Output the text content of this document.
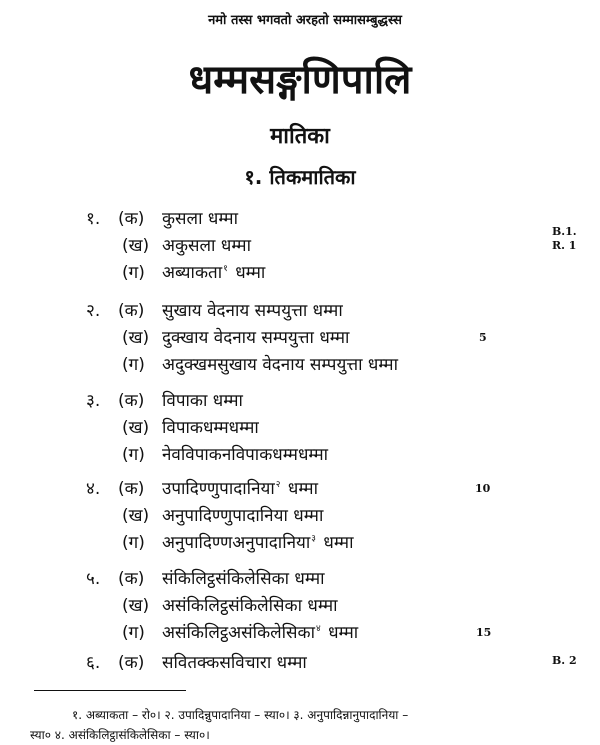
नमो तस्स भगवतो अरहतो सम्मासम्बुद्धस्स
धम्मसङ्गणिपालि
मातिका
१. तिकमातिका
१.	(क)	कुसला धम्मा
(ख) अकुसला धम्मा
(ग)	अब्याकता$^१$ धम्मा
२.	(क)	सुखाय वेदनाय सम्पयुत्ता धम्मा
(ख) दुक्खाय वेदनाय सम्पयुत्ता धम्मा
(ग)	अदुक्खमसुखाय वेदनाय सम्पयुत्ता धम्मा
३.	(क)	विपाका धम्मा
(ख) विपाकधम्मधम्मा
(ग)	नेवविपाकनविपाकधम्मधम्मा
४.	(क)	उपादिण्णुपादानिया$^२$ धम्मा
(ख) अनुपादिण्णुपादानिया धम्मा
(ग)	अनुपादिण्णअनुपादानिया$^३$ धम्मा
५.	(क)	संकिलिट्ठसंकिलेसिका धम्मा
(ख) असंकिलिट्ठसंकिलेसिका धम्मा
(ग)	असंकिलिट्ठअसंकिलेसिका$^४$ धम्मा
६.	(क)	सवितक्कसविचारा धम्मा
5
10
15
B.1.
R. 1
B. 2
१. अब्याकता – रो०। २. उपादिन्नुपादानिया – स्या०। ३. अनुपादिन्नानुपादानिया –
स्या० ४. असंकिलिट्ठासंकिलेसिका – स्या०।
